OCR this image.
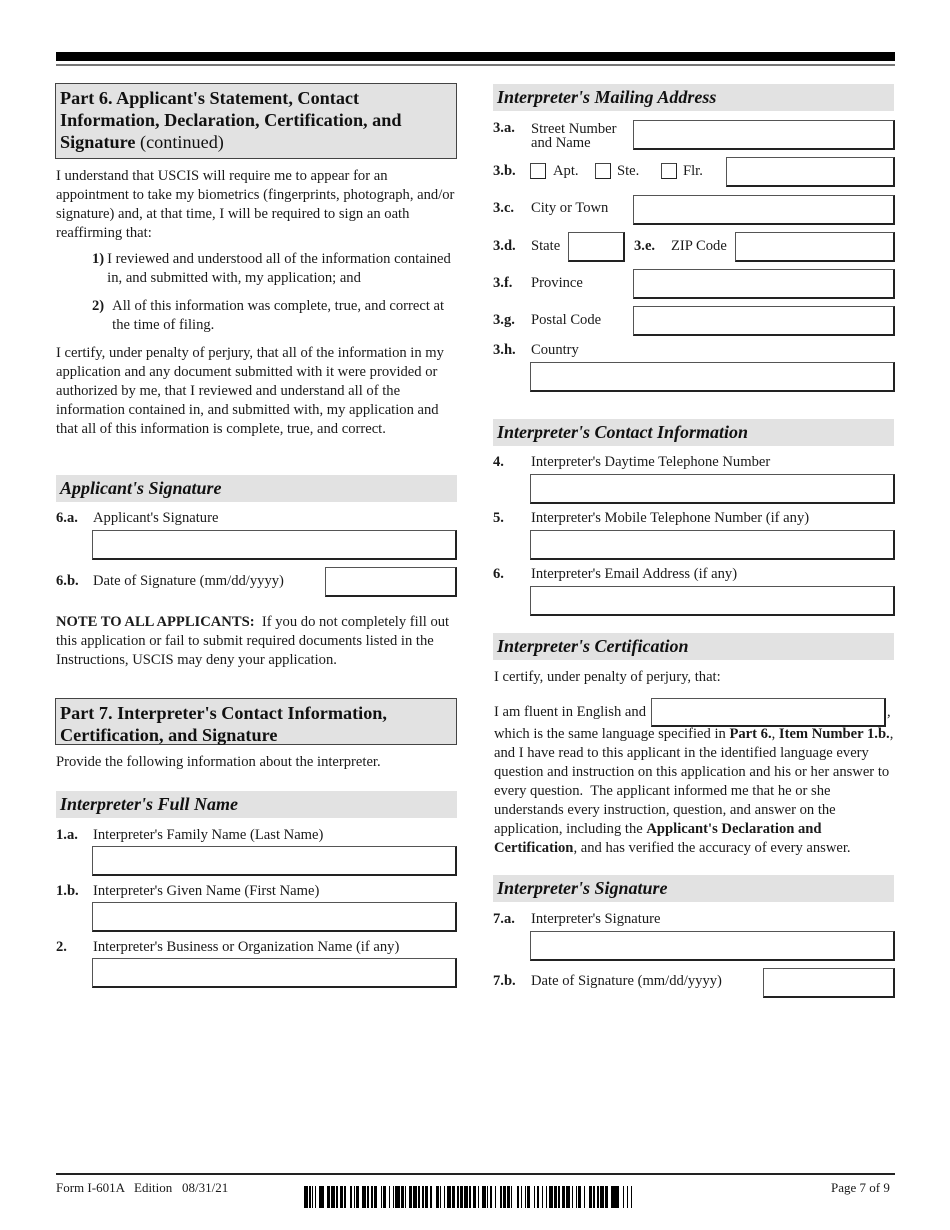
Part 6. Applicant's Statement, Contact Information, Declaration, Certification, and Signature (continued)
I understand that USCIS will require me to appear for an appointment to take my biometrics (fingerprints, photograph, and/or signature) and, at that time, I will be required to sign an oath reaffirming that:
1) I reviewed and understood all of the information contained in, and submitted with, my application; and
2) All of this information was complete, true, and correct at the time of filing.
I certify, under penalty of perjury, that all of the information in my application and any document submitted with it were provided or authorized by me, that I reviewed and understand all of the information contained in, and submitted with, my application and that all of this information is complete, true, and correct.
Applicant's Signature
6.a. Applicant's Signature
6.b. Date of Signature (mm/dd/yyyy)
NOTE TO ALL APPLICANTS:  If you do not completely fill out this application or fail to submit required documents listed in the Instructions, USCIS may deny your application.
Part 7. Interpreter's Contact Information, Certification, and Signature
Provide the following information about the interpreter.
Interpreter's Full Name
1.a. Interpreter's Family Name (Last Name)
1.b. Interpreter's Given Name (First Name)
2. Interpreter's Business or Organization Name (if any)
Interpreter's Mailing Address
3.a. Street Number
and Name
3.b.	Apt.	Ste.	Flr.
3.c. City or Town
3.d. State	3.e. ZIP Code
3.f. Province
3.g. Postal Code
3.h. Country
Interpreter's Contact Information
4. Interpreter's Daytime Telephone Number
5. Interpreter's Mobile Telephone Number (if any)
6. Interpreter's Email Address (if any)
Interpreter's Certification
I certify, under penalty of perjury, that:
I am fluent in English and	,
which is the same language specified in Part 6., Item Number 1.b., and I have read to this applicant in the identified language every question and instruction on this application and his or her answer to every question.  The applicant informed me that he or she understands every instruction, question, and answer on the application, including the Applicant's Declaration and Certification, and has verified the accuracy of every answer.
Interpreter's Signature
7.a. Interpreter's Signature
7.b. Date of Signature (mm/dd/yyyy)
Form I-601A   Edition   08/31/21	Page 7 of 9
